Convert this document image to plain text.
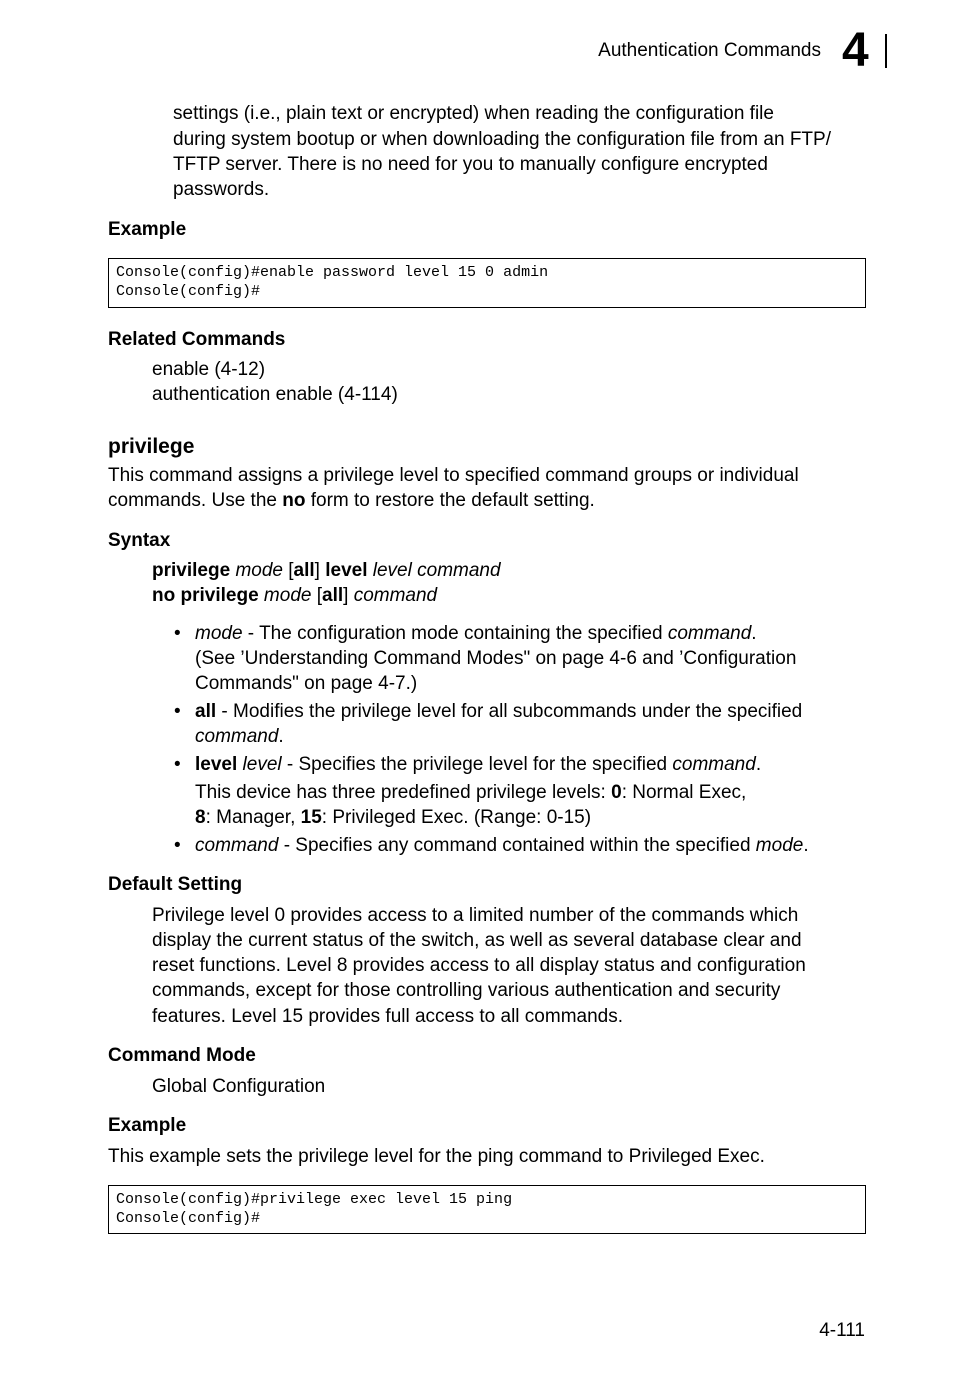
Authentication Commands 4
settings (i.e., plain text or encrypted) when reading the configuration file
during system bootup or when downloading the configuration file from an FTP/
TFTP server. There is no need for you to manually configure encrypted
passwords.
Example
Console(config)#enable password level 15 0 admin
Console(config)#
Related Commands
enable (4-12)
authentication enable (4-114)
privilege
This command assigns a privilege level to specified command groups or individual
commands. Use the no form to restore the default setting.
Syntax
privilege mode [all] level level command
no privilege mode [all] command
• mode - The configuration mode containing the specified command.
(See ’Understanding Command Modes" on page 4-6 and ’Configuration
Commands" on page 4-7.)
• all - Modifies the privilege level for all subcommands under the specified
command.
• level level - Specifies the privilege level for the specified command.
This device has three predefined privilege levels: 0: Normal Exec,
8: Manager, 15: Privileged Exec. (Range: 0-15)
• command - Specifies any command contained within the specified mode.
Default Setting
Privilege level 0 provides access to a limited number of the commands which
display the current status of the switch, as well as several database clear and
reset functions. Level 8 provides access to all display status and configuration
commands, except for those controlling various authentication and security
features. Level 15 provides full access to all commands.
Command Mode
Global Configuration
Example
This example sets the privilege level for the ping command to Privileged Exec.
Console(config)#privilege exec level 15 ping
Console(config)#
4-111
